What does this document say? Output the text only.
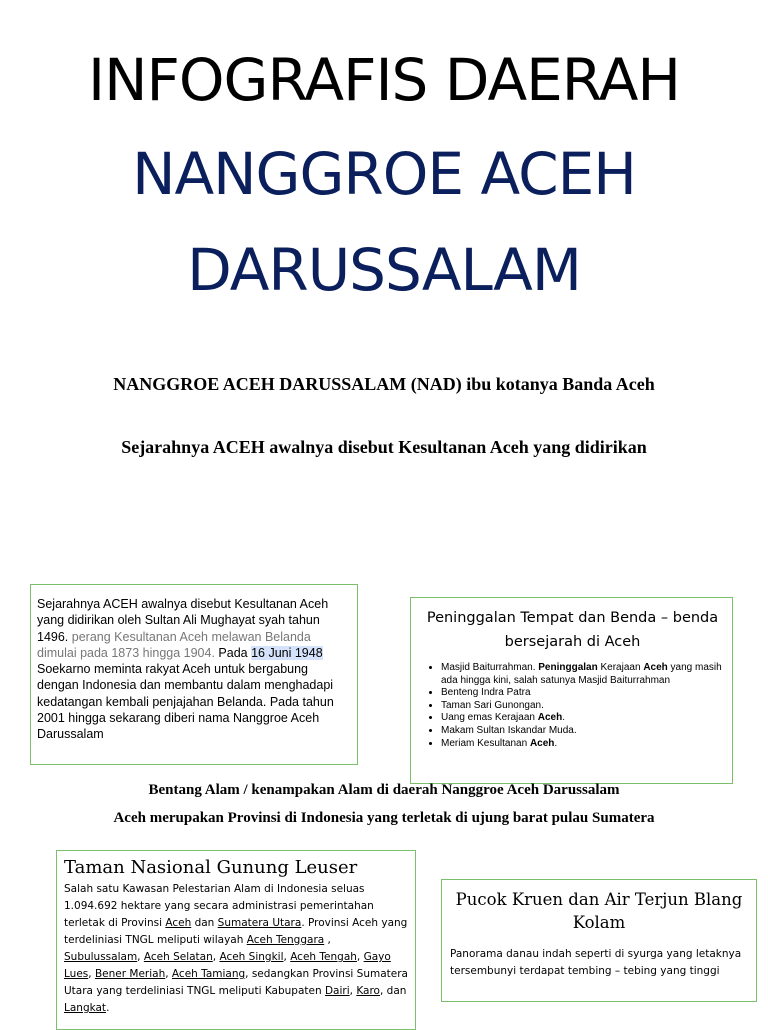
INFOGRAFIS DAERAH
NANGGROE ACEH
DARUSSALAM

NANGGROE ACEH DARUSSALAM (NAD) ibu kotanya Banda Aceh

Sejarahnya ACEH awalnya disebut Kesultanan Aceh yang didirikan

Sejarahnya ACEH awalnya disebut Kesultanan Aceh yang didirikan oleh Sultan Ali Mughayat syah tahun 1496. perang Kesultanan Aceh melawan Belanda dimulai pada 1873 hingga 1904. Pada 16 Juni 1948 Soekarno meminta rakyat Aceh untuk bergabung dengan Indonesia dan membantu dalam menghadapi kedatangan kembali penjajahan Belanda. Pada tahun 2001 hingga sekarang diberi nama Nanggroe Aceh Darussalam
Peninggalan Tempat dan Benda – benda bersejarah di Aceh
• Masjid Baiturrahman. Peninggalan Kerajaan Aceh yang masih ada hingga kini, salah satunya Masjid Baiturrahman
• Benteng Indra Patra
• Taman Sari Gunongan.
• Uang emas Kerajaan Aceh.
• Makam Sultan Iskandar Muda.
• Meriam Kesultanan Aceh.

Bentang Alam / kenampakan Alam di daerah Nanggroe Aceh Darussalam

Aceh merupakan Provinsi di Indonesia yang terletak di ujung barat pulau Sumatera

Taman Nasional Gunung Leuser

Salah satu Kawasan Pelestarian Alam di Indonesia seluas 1.094.692 hektare yang secara administrasi pemerintahan terletak di Provinsi Aceh dan Sumatera Utara. Provinsi Aceh yang terdeliniasi TNGL meliputi wilayah Aceh Tenggara , Subulussalam, Aceh Selatan, Aceh Singkil, Aceh Tengah, Gayo Lues, Bener Meriah, Aceh Tamiang, sedangkan Provinsi Sumatera Utara yang terdeliniasi TNGL meliputi Kabupaten Dairi, Karo, dan Langkat.

Pucok Kruen dan Air Terjun Blang Kolam

Panorama danau indah seperti di syurga yang letaknya tersembunyi terdapat tembing – tebing yang tinggi
